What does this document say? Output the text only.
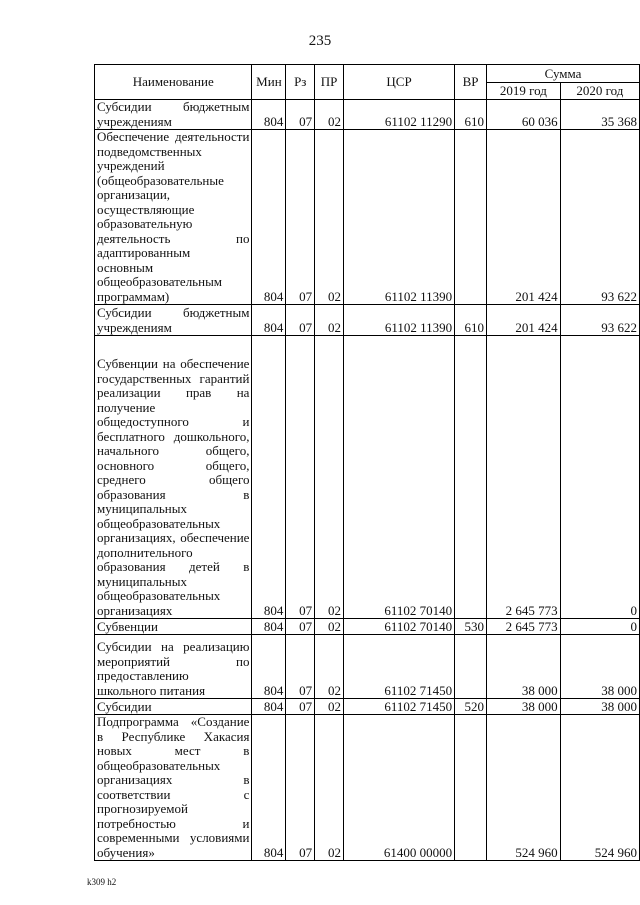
235
Наименование	Мин	Рз	ПР	ЦСР	ВР	Сумма	
						2019 год	2020 год
Субсидии бюджетным учреждениям	804	07	02	61102 11290	610	60 036	35 368
Обеспечение деятельности подведомственных учреждений (общеобразовательные организации, осуществляющие образовательную деятельность по адаптированным основным общеобразовательным программам)	804	07	02	61102 11390		201 424	93 622
Субсидии бюджетным учреждениям	804	07	02	61102 11390	610	201 424	93 622
Субвенции на обеспечение государственных гарантий реализации прав на получение общедоступного и бесплатного дошкольного, начального общего, основного общего, среднего общего образования в муниципальных общеобразовательных организациях, обеспечение дополнительного образования детей в муниципальных общеобразовательных организациях	804	07	02	61102 70140		2 645 773	0
Субвенции	804	07	02	61102 70140	530	2 645 773	0
Субсидии на реализацию мероприятий по предоставлению школьного питания	804	07	02	61102 71450		38 000	38 000
Субсидии	804	07	02	61102 71450	520	38 000	38 000
Подпрограмма «Создание в Республике Хакасия новых мест в общеобразовательных организациях в соответствии с прогнозируемой потребностью и современными условиями обучения»	804	07	02	61400 00000		524 960	524 960
k309 h2
